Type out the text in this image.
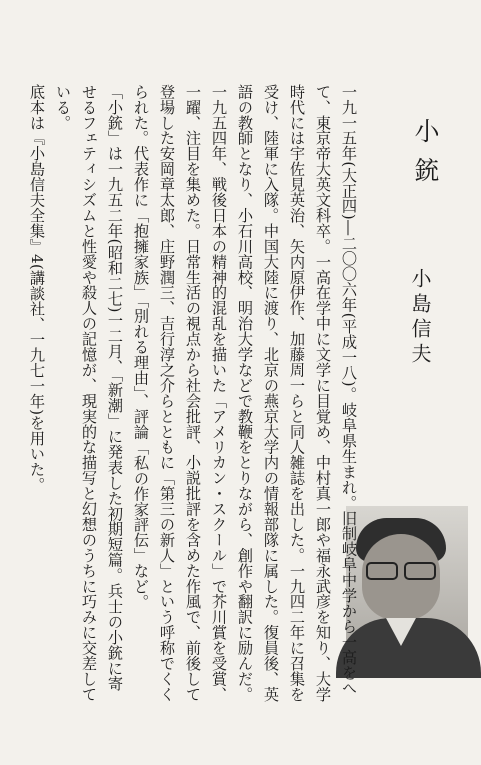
小銃
小島信夫

一九一五年(大正四)―二〇〇六年(平成一八)。岐阜県生まれ。旧制岐阜中学から一高をへて、東京帝大英文科卒。一高在学中に文学に目覚め、中村真一郎や福永武彦を知り、大学時代には宇佐見英治、矢内原伊作、加藤周一らと同人雑誌を出した。一九四二年に召集を受け、陸軍に入隊。中国大陸に渡り、北京の燕京大学内の情報部隊に属した。復員後、英語の教師となり、小石川高校、明治大学などで教鞭をとりながら、創作や翻訳に励んだ。一九五四年、戦後日本の精神的混乱を描いた「アメリカン・スクール」で芥川賞を受賞、一躍、注目を集めた。日常生活の視点から社会批評、小説批評を含めた作風で、前後して登場した安岡章太郎、庄野潤三、吉行淳之介らとともに「第三の新人」という呼称でくくられた。代表作に「抱擁家族」「別れる理由」、評論「私の作家評伝」など。

「小銃」は一九五二年(昭和二七)一二月、「新潮」に発表した初期短篇。兵士の小銃に寄せるフェティシズムと性愛や殺人の記憶が、現実的な描写と幻想のうちに巧みに交差している。

底本は『小島信夫全集』4(講談社、一九七一年)を用いた。
